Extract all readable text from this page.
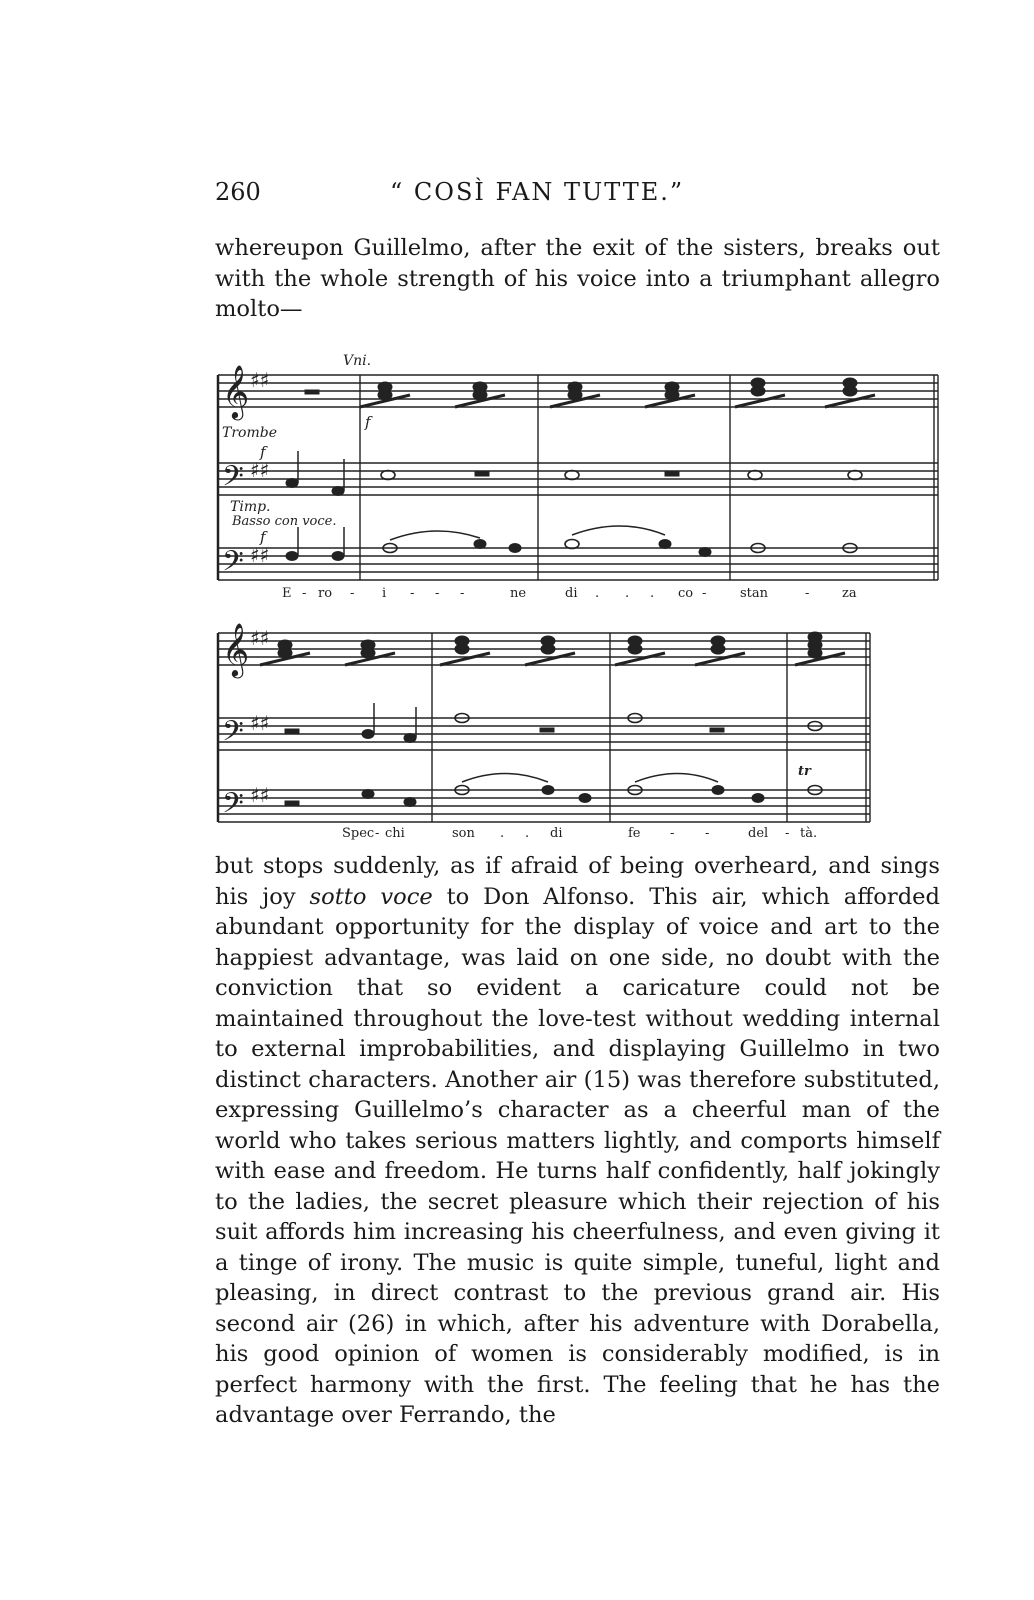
260	“ COSÌ FAN TUTTE.”

whereupon Guillelmo, after the exit of the sisters, breaks out with the whole strength of his voice into a triumphant allegro molto—

𝄞
𝄢
𝄢
𝄞
𝄢
𝄢
♯♯
♯♯
♯♯
♯♯
♯♯
♯♯
Vni.
Trombe
f
f
Timp.
Basso con voce.
f
tr
E - ro - i - - -	ne	di . . . co -	stan	-	za
Spec - chi	son . . di	fe - -	del - tà.

but stops suddenly, as if afraid of being overheard, and sings his joy sotto voce to Don Alfonso. This air, which afforded abundant opportunity for the display of voice and art to the happiest advantage, was laid on one side, no doubt with the conviction that so evident a caricature could not be maintained throughout the love-test without wedding internal to external improbabilities, and displaying Guillelmo in two distinct characters. Another air (15) was therefore substituted, expressing Guillelmo’s character as a cheerful man of the world who takes serious matters lightly, and comports himself with ease and freedom. He turns half confidently, half jokingly to the ladies, the secret pleasure which their rejection of his suit affords him increasing his cheerfulness, and even giving it a tinge of irony. The music is quite simple, tuneful, light and pleasing, in direct contrast to the previous grand air. His second air (26) in which, after his adventure with Dorabella, his good opinion of women is considerably modified, is in perfect harmony with the first. The feeling that he has the advantage over Ferrando, the
